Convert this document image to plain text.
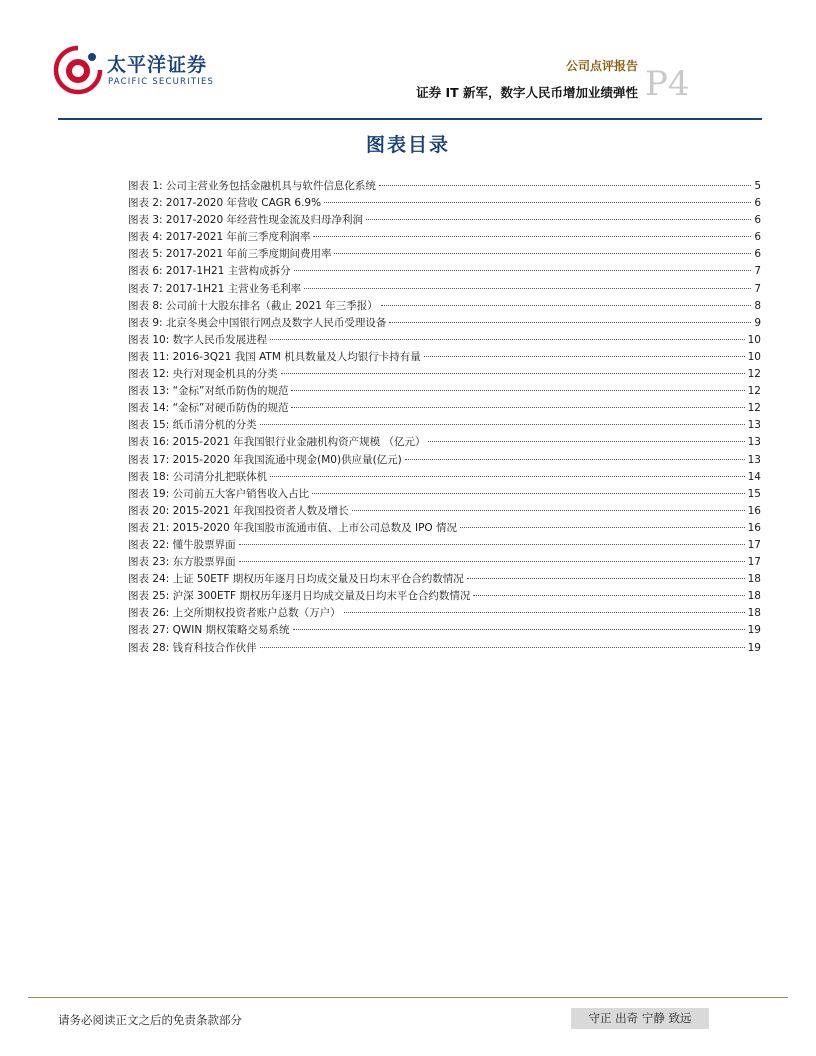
太平洋证券
PACIFIC SECURITIES
公司点评报告
证券 IT 新军，数字人民币增加业绩弹性 P4
图表目录
图表 1: 公司主营业务包括金融机具与软件信息化系统	5
图表 2: 2017-2020 年营收 CAGR 6.9%	6
图表 3: 2017-2020 年经营性现金流及归母净利润	6
图表 4: 2017-2021 年前三季度利润率	6
图表 5: 2017-2021 年前三季度期间费用率	6
图表 6: 2017-1H21 主营构成拆分	7
图表 7: 2017-1H21 主营业务毛利率	7
图表 8: 公司前十大股东排名（截止 2021 年三季报）	8
图表 9: 北京冬奥会中国银行网点及数字人民币受理设备	9
图表 10: 数字人民币发展进程	10
图表 11: 2016-3Q21 我国 ATM 机具数量及人均银行卡持有量	10
图表 12: 央行对现金机具的分类	12
图表 13: “金标”对纸币防伪的规范	12
图表 14: “金标”对硬币防伪的规范	12
图表 15: 纸币清分机的分类	13
图表 16: 2015-2021 年我国银行业金融机构资产规模 （亿元）	13
图表 17: 2015-2020 年我国流通中现金(M0)供应量(亿元)	13
图表 18: 公司清分扎把联体机	14
图表 19: 公司前五大客户销售收入占比	15
图表 20: 2015-2021 年我国投资者人数及增长	16
图表 21: 2015-2020 年我国股市流通市值、上市公司总数及 IPO 情况	16
图表 22: 懂牛股票界面	17
图表 23: 东方股票界面	17
图表 24: 上证 50ETF 期权历年逐月日均成交量及日均末平仓合约数情况	18
图表 25: 沪深 300ETF 期权历年逐月日均成交量及日均末平仓合约数情况	18
图表 26: 上交所期权投资者账户总数（万户）	18
图表 27: QWIN 期权策略交易系统	19
图表 28: 钱育科技合作伙伴	19
请务必阅读正文之后的免责条款部分	守正 出奇 宁静 致远
